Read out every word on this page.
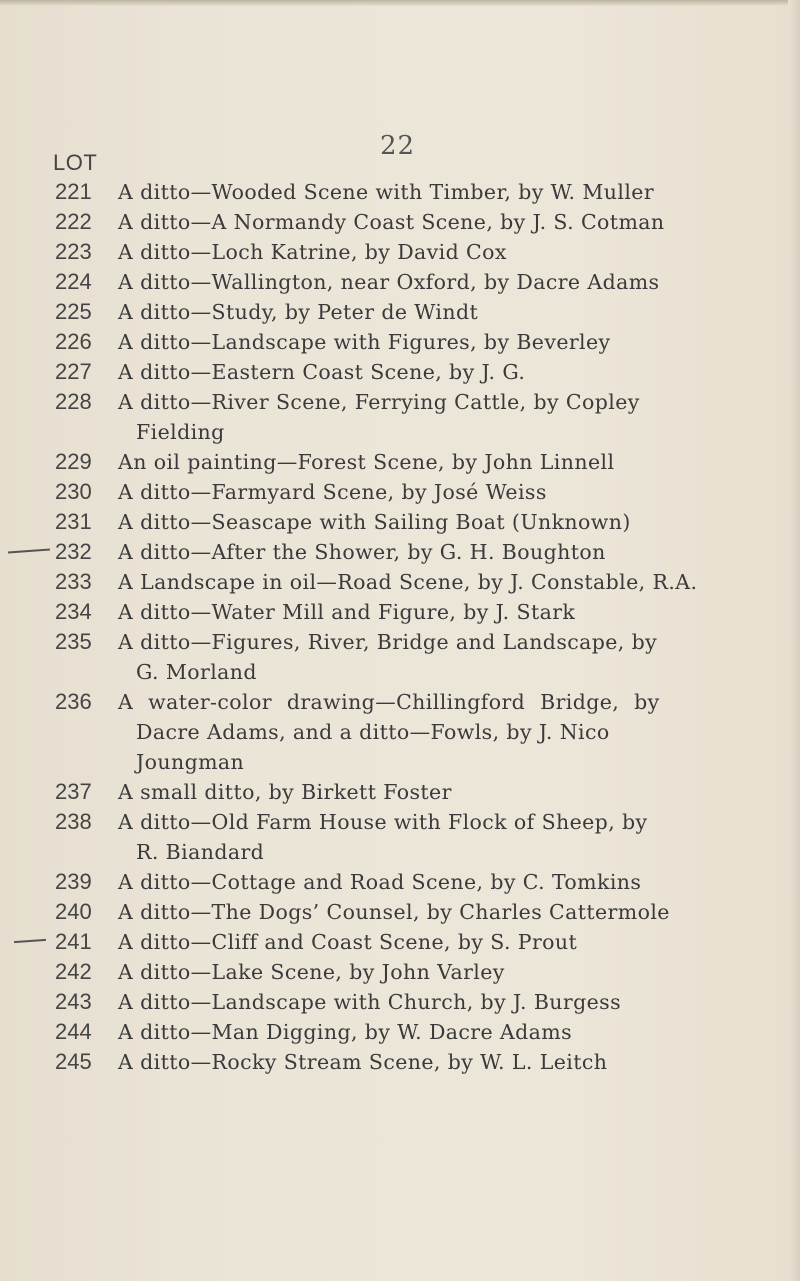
22
LOT
221	A ditto—Wooded Scene with Timber, by W. Muller
222	A ditto—A Normandy Coast Scene, by J. S. Cotman
223	A ditto—Loch Katrine, by David Cox
224	A ditto—Wallington, near Oxford, by Dacre Adams
225	A ditto—Study, by Peter de Windt
226	A ditto—Landscape with Figures, by Beverley
227	A ditto—Eastern Coast Scene, by J. G.
228	A ditto—River Scene, Ferrying Cattle, by Copley
Fielding
229	An oil painting—Forest Scene, by John Linnell
230	A ditto—Farmyard Scene, by José Weiss
231	A ditto—Seascape with Sailing Boat (Unknown)
232	A ditto—After the Shower, by G. H. Boughton
233	A Landscape in oil—Road Scene, by J. Constable, R.A.
234	A ditto—Water Mill and Figure, by J. Stark
235	A ditto—Figures, River, Bridge and Landscape, by
G. Morland
236	A water-color drawing—Chillingford Bridge, by
Dacre Adams, and a ditto—Fowls, by J. Nico
Joungman
237	A small ditto, by Birkett Foster
238	A ditto—Old Farm House with Flock of Sheep, by
R. Biandard
239	A ditto—Cottage and Road Scene, by C. Tomkins
240	A ditto—The Dogs’ Counsel, by Charles Cattermole
241	A ditto—Cliff and Coast Scene, by S. Prout
242	A ditto—Lake Scene, by John Varley
243	A ditto—Landscape with Church, by J. Burgess
244	A ditto—Man Digging, by W. Dacre Adams
245	A ditto—Rocky Stream Scene, by W. L. Leitch
